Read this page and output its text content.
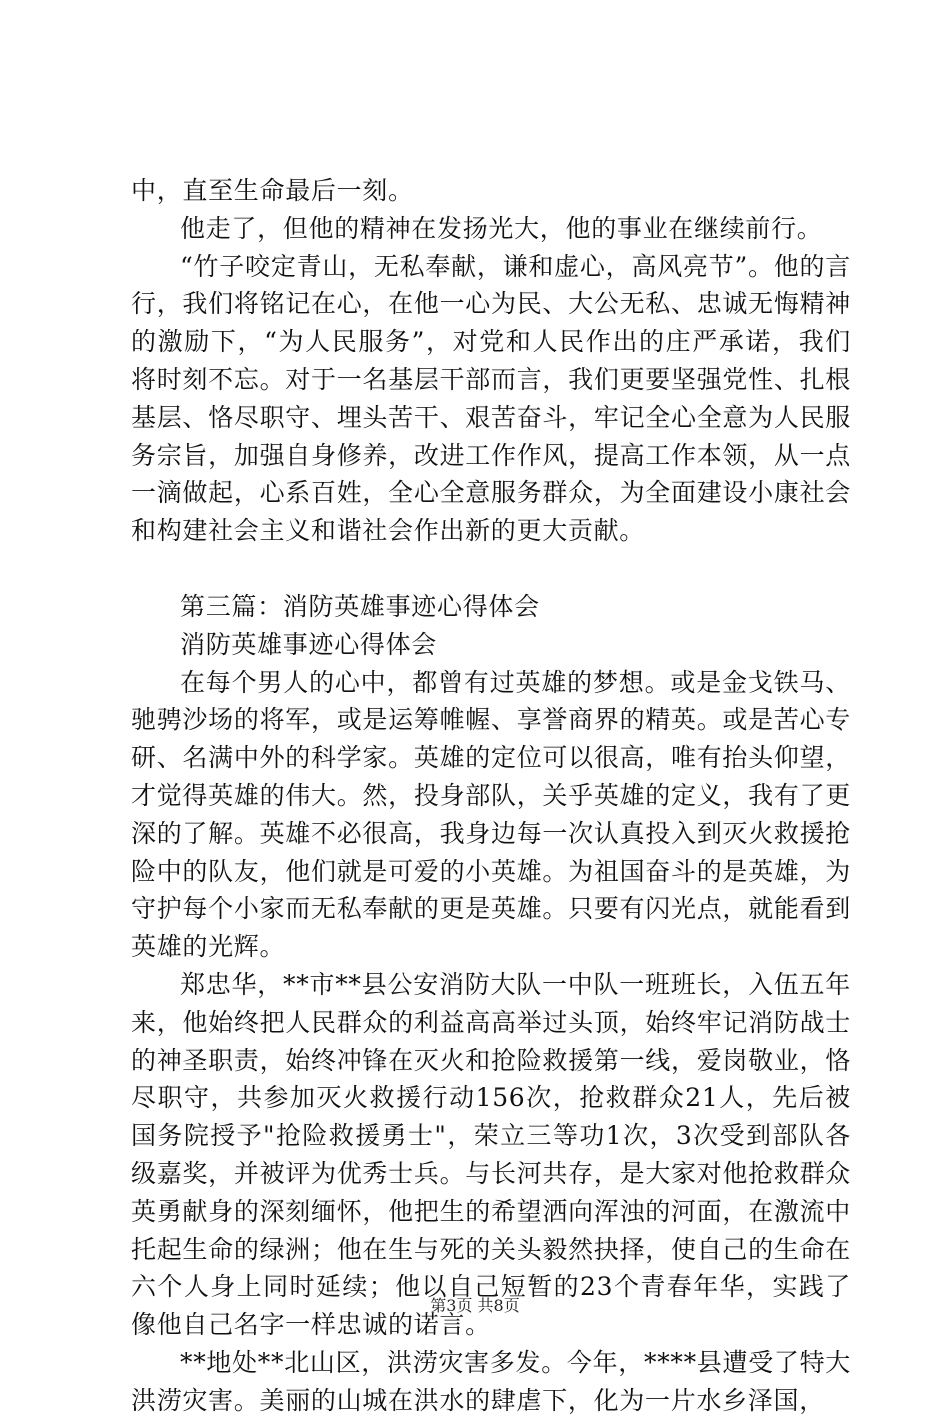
中，直至生命最后一刻。

他走了，但他的精神在发扬光大，他的事业在继续前行。

“竹子咬定青山，无私奉献，谦和虚心，高风亮节”。他的言行，我们将铭记在心，在他一心为民、大公无私、忠诚无悔精神的激励下，“为人民服务”，对党和人民作出的庄严承诺，我们将时刻不忘。对于一名基层干部而言，我们更要坚强党性、扎根基层、恪尽职守、埋头苦干、艰苦奋斗，牢记全心全意为人民服务宗旨，加强自身修养，改进工作作风，提高工作本领，从一点一滴做起，心系百姓，全心全意服务群众，为全面建设小康社会和构建社会主义和谐社会作出新的更大贡献。

第三篇：消防英雄事迹心得体会

消防英雄事迹心得体会

在每个男人的心中，都曾有过英雄的梦想。或是金戈铁马、驰骋沙场的将军，或是运筹帷幄、享誉商界的精英。或是苦心专研、名满中外的科学家。英雄的定位可以很高，唯有抬头仰望，才觉得英雄的伟大。然，投身部队，关乎英雄的定义，我有了更深的了解。英雄不必很高，我身边每一次认真投入到灭火救援抢险中的队友，他们就是可爱的小英雄。为祖国奋斗的是英雄，为守护每个小家而无私奉献的更是英雄。只要有闪光点，就能看到英雄的光辉。

郑忠华，**市**县公安消防大队一中队一班班长，入伍五年来，他始终把人民群众的利益高高举过头顶，始终牢记消防战士的神圣职责，始终冲锋在灭火和抢险救援第一线，爱岗敬业，恪尽职守，共参加灭火救援行动156次，抢救群众21人，先后被国务院授予"抢险救援勇士"，荣立三等功1次，3次受到部队各级嘉奖，并被评为优秀士兵。与长河共存，是大家对他抢救群众英勇献身的深刻缅怀，他把生的希望洒向浑浊的河面，在激流中托起生命的绿洲；他在生与死的关头毅然抉择，使自己的生命在六个人身上同时延续；他以自己短暂的23个青春年华，实践了像他自己名字一样忠诚的诺言。

**地处**北山区，洪涝灾害多发。今年，****县遭受了特大洪涝灾害。美丽的山城在洪水的肆虐下，化为一片水乡泽国，

第3页 共8页
